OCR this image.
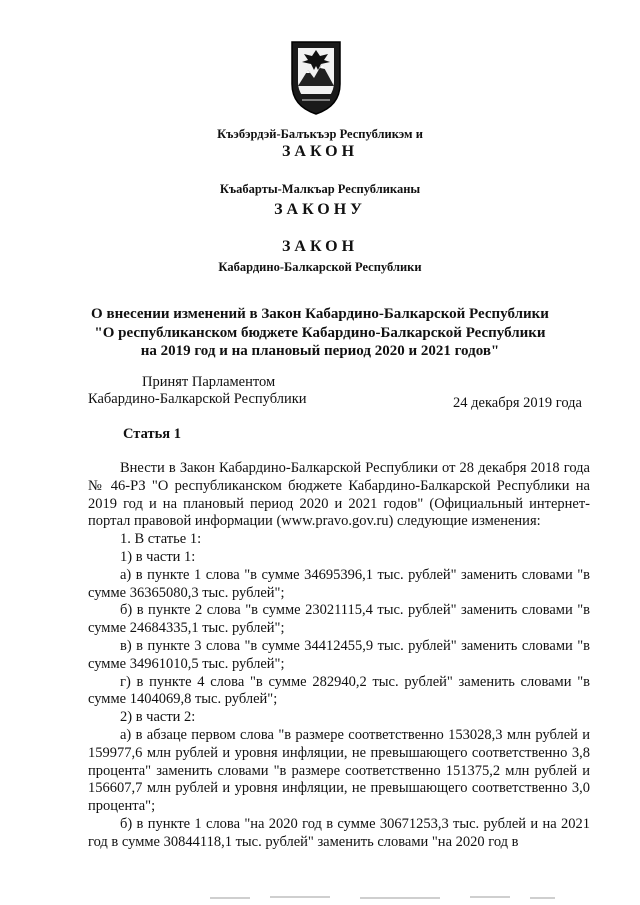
Къэбэрдэй-Балъкъэр Республикэм и
ЗАКОН
Къабарты-Малкъар Республиканы
ЗАКОНУ
ЗАКОН
Кабардино-Балкарской Республики
О внесении изменений в Закон Кабардино-Балкарской Республики
"О республиканском бюджете Кабардино-Балкарской Республики
на 2019 год и на плановый период 2020 и 2021 годов"
Принят Парламентом
Кабардино-Балкарской Республики	24 декабря 2019 года
Статья 1

Внести в Закон Кабардино-Балкарской Республики от 28 декабря 2018 года № 46-РЗ "О республиканском бюджете Кабардино-Балкарской Республики на 2019 год и на плановый период 2020 и 2021 годов" (Официальный интернет-портал правовой информации (www.pravo.gov.ru) следующие изменения:

1. В статье 1:

1) в части 1:

а) в пункте 1 слова "в сумме 34695396,1 тыс. рублей" заменить словами "в сумме 36365080,3 тыс. рублей";

б) в пункте 2 слова "в сумме 23021115,4 тыс. рублей" заменить словами "в сумме 24684335,1 тыс. рублей";

в) в пункте 3 слова "в сумме 34412455,9 тыс. рублей" заменить словами "в сумме 34961010,5 тыс. рублей";

г) в пункте 4 слова "в сумме 282940,2 тыс. рублей" заменить словами "в сумме 1404069,8 тыс. рублей";

2) в части 2:

а) в абзаце первом слова "в размере соответственно 153028,3 млн рублей и 159977,6 млн рублей и уровня инфляции, не превышающего соответственно 3,8 процента" заменить словами "в размере соответственно 151375,2 млн рублей и 156607,7 млн рублей и уровня инфляции, не превышающего соответственно 3,0 процента";

б) в пункте 1 слова "на 2020 год в сумме 30671253,3 тыс. рублей и на 2021 год в сумме 30844118,1 тыс. рублей" заменить словами "на 2020 год в
